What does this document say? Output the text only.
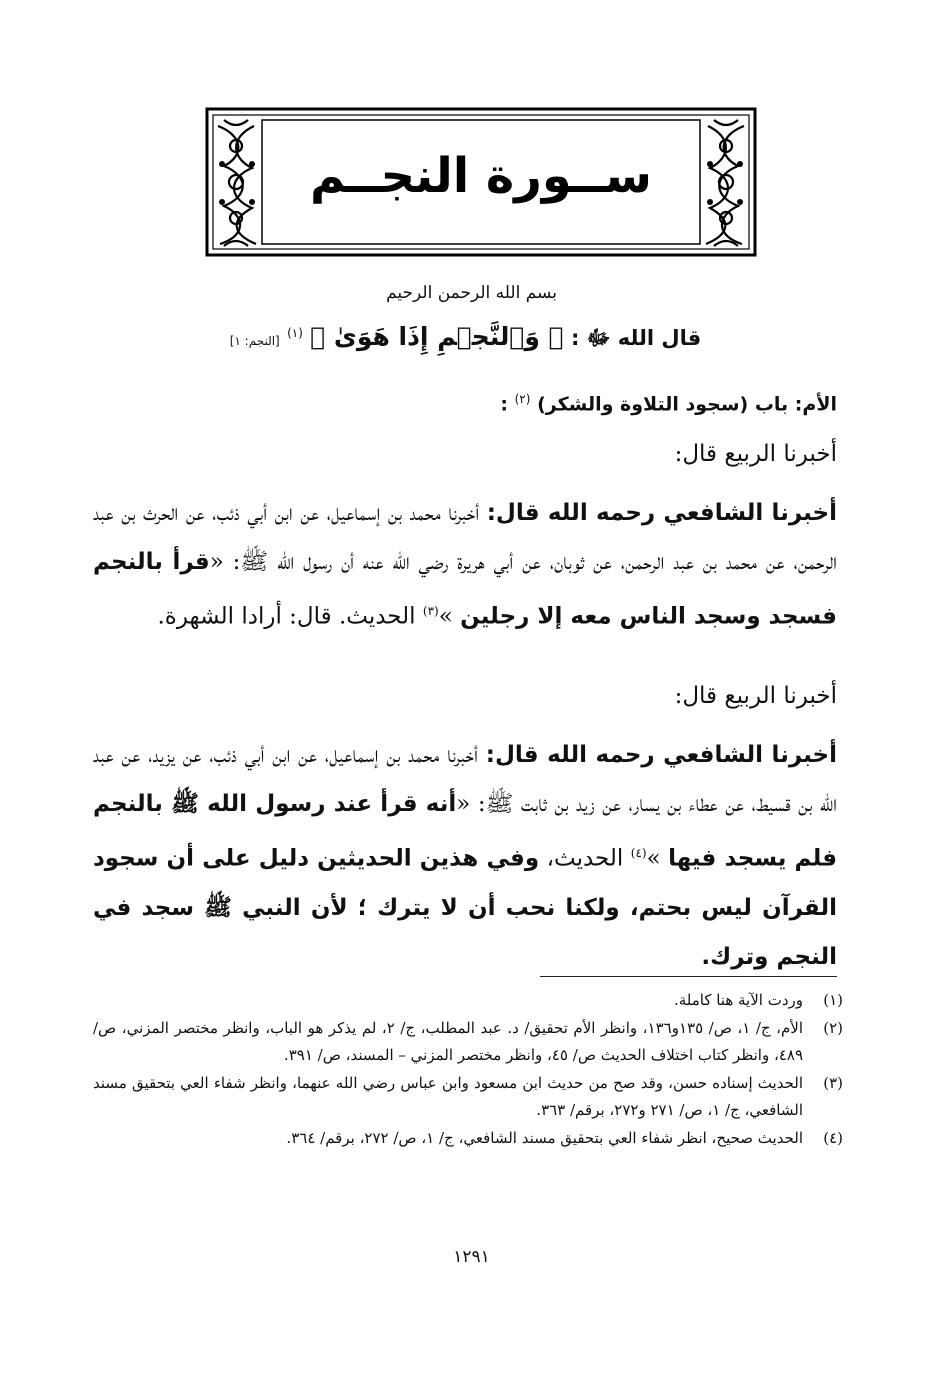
ســورة النجــم
بسم الله الرحمن الرحيم
قال الله ﷻ : ﴿ وَٱلنَّجۡمِ إِذَا هَوَىٰ ﴾ $^{(١)}$ [النجم: ١]
الأم: باب (سجود التلاوة والشكر) $^{(٢)}$ :
أخبرنا الربيع قال:
أخبرنا الشافعي رحمه الله قال: أخبرنا محمد بن إسماعيل، عن ابن أبي ذئب، عن الحرث بن عبد الرحمن، عن محمد بن عبد الرحمن، عن ثوبان، عن أبي هريرة رضي الله عنه أن رسول الله ﷺ: «قرأ بالنجم فسجد وسجد الناس معه إلا رجلين »$^{(٣)}$ الحديث. قال: أرادا الشهرة.
أخبرنا الربيع قال:
أخبرنا الشافعي رحمه الله قال: أخبرنا محمد بن إسماعيل، عن ابن أبي ذئب، عن يزيد، عن عبد الله بن قسيط، عن عطاء بن يسار، عن زيد بن ثابت ﷺ: «أنه قرأ عند رسول الله ﷺ بالنجم فلم يسجد فيها »$^{(٤)}$ الحديث، وفي هذين الحديثين دليل على أن سجود القرآن ليس بحتم، ولكنا نحب أن لا يترك ؛ لأن النبي ﷺ سجد في النجم وترك.
(١)
وردت الآية هنا كاملة.
(٢)
الأم، ج/ ١، ص/ ١٣٥و١٣٦، وانظر الأم تحقيق/ د. عبد المطلب، ج/ ٢، لم يذكر هو الباب، وانظر مختصر المزني، ص/ ٤٨٩، وانظر كتاب اختلاف الحديث ص/ ٤٥، وانظر مختصر المزني – المسند، ص/ ٣٩١.
(٣)
الحديث إسناده حسن، وقد صح من حديث ابن مسعود وابن عباس رضي الله عنهما، وانظر شفاء العي بتحقيق مسند الشافعي، ج/ ١، ص/ ٢٧١ و٢٧٢، برقم/ ٣٦٣.
(٤)
الحديث صحيح، انظر شفاء العي بتحقيق مسند الشافعي، ج/ ١، ص/ ٢٧٢، برقم/ ٣٦٤.
١٢٩١
